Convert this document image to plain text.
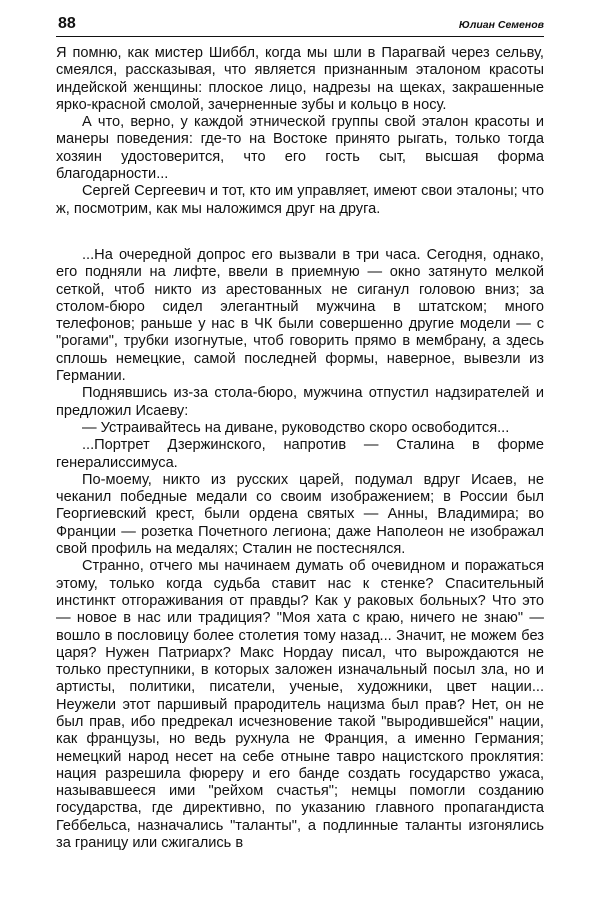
88	Юлиан Семенов

Я помню, как мистер Шиббл, когда мы шли в Парагвай через сельву, смеялся, рассказывая, что является признанным эталоном красоты индейской женщины: плоское лицо, надрезы на щеках, закрашенные ярко-красной смолой, зачерненные зубы и кольцо в носу.

А что, верно, у каждой этнической группы свой эталон красоты и манеры поведения: где-то на Востоке принято рыгать, только тогда хозяин удостоверится, что его гость сыт, высшая форма благодарности...

Сергей Сергеевич и тот, кто им управляет, имеют свои эталоны; что ж, посмотрим, как мы наложимся друг на друга.

...На очередной допрос его вызвали в три часа. Сегодня, однако, его подняли на лифте, ввели в приемную — окно затянуто мелкой сеткой, чтоб никто из арестованных не сиганул головою вниз; за столом-бюро сидел элегантный мужчина в штатском; много телефонов; раньше у нас в ЧК были совершенно другие модели — с "рогами", трубки изогнутые, чтоб говорить прямо в мембрану, а здесь сплошь немецкие, самой последней формы, наверное, вывезли из Германии.

Поднявшись из-за стола-бюро, мужчина отпустил надзирателей и предложил Исаеву:

— Устраивайтесь на диване, руководство скоро освободится...

...Портрет Дзержинского, напротив — Сталина в форме генералиссимуса.

По-моему, никто из русских царей, подумал вдруг Исаев, не чеканил победные медали со своим изображением; в России был Георгиевский крест, были ордена святых — Анны, Владимира; во Франции — розетка Почетного легиона; даже Наполеон не изображал свой профиль на медалях; Сталин не постеснялся.

Странно, отчего мы начинаем думать об очевидном и поражаться этому, только когда судьба ставит нас к стенке? Спасительный инстинкт отгораживания от правды? Как у раковых больных? Что это — новое в нас или традиция? "Моя хата с краю, ничего не знаю" — вошло в пословицу более столетия тому назад... Значит, не можем без царя? Нужен Патриарх? Макс Нордау писал, что вырождаются не только преступники, в которых заложен изначальный посыл зла, но и артисты, политики, писатели, ученые, художники, цвет нации... Неужели этот паршивый прародитель нацизма был прав? Нет, он не был прав, ибо предрекал исчезновение такой "выродившейся" нации, как французы, но ведь рухнула не Франция, а именно Германия; немецкий народ несет на себе отныне тавро нацистского проклятия: нация разрешила фюреру и его банде создать государство ужаса, называвшееся ими "рейхом счастья"; немцы помогли созданию государства, где директивно, по указанию главного пропагандиста Геббельса, назначались "таланты", а подлинные таланты изгонялись за границу или сжигались в
